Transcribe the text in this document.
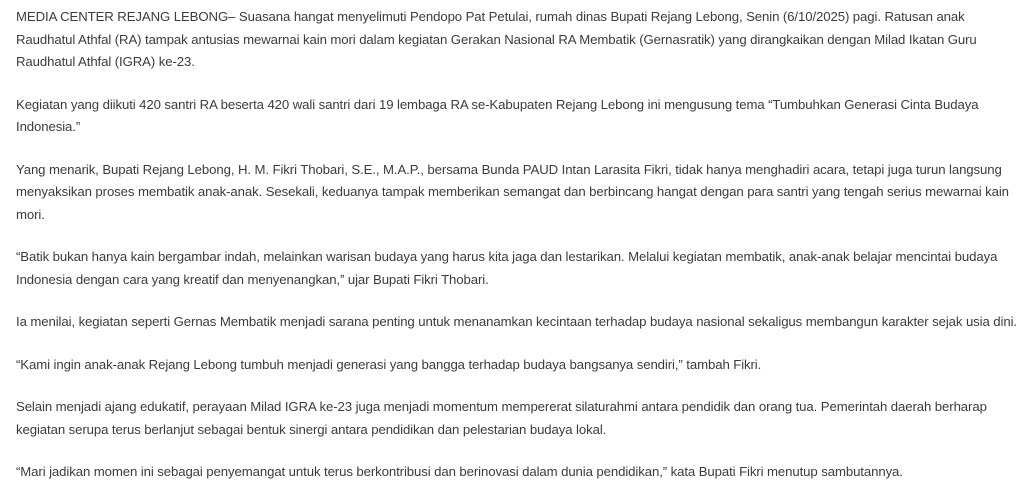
MEDIA CENTER REJANG LEBONG– Suasana hangat menyelimuti Pendopo Pat Petulai, rumah dinas Bupati Rejang Lebong, Senin (6/10/2025) pagi. Ratusan anak Raudhatul Athfal (RA) tampak antusias mewarnai kain mori dalam kegiatan Gerakan Nasional RA Membatik (Gernasratik) yang dirangkaikan dengan Milad Ikatan Guru Raudhatul Athfal (IGRA) ke-23.

Kegiatan yang diikuti 420 santri RA beserta 420 wali santri dari 19 lembaga RA se-Kabupaten Rejang Lebong ini mengusung tema “Tumbuhkan Generasi Cinta Budaya Indonesia.”

Yang menarik, Bupati Rejang Lebong, H. M. Fikri Thobari, S.E., M.A.P., bersama Bunda PAUD Intan Larasita Fikri, tidak hanya menghadiri acara, tetapi juga turun langsung menyaksikan proses membatik anak-anak. Sesekali, keduanya tampak memberikan semangat dan berbincang hangat dengan para santri yang tengah serius mewarnai kain mori.

“Batik bukan hanya kain bergambar indah, melainkan warisan budaya yang harus kita jaga dan lestarikan. Melalui kegiatan membatik, anak-anak belajar mencintai budaya Indonesia dengan cara yang kreatif dan menyenangkan,” ujar Bupati Fikri Thobari.

Ia menilai, kegiatan seperti Gernas Membatik menjadi sarana penting untuk menanamkan kecintaan terhadap budaya nasional sekaligus membangun karakter sejak usia dini.

“Kami ingin anak-anak Rejang Lebong tumbuh menjadi generasi yang bangga terhadap budaya bangsanya sendiri,” tambah Fikri.

Selain menjadi ajang edukatif, perayaan Milad IGRA ke-23 juga menjadi momentum mempererat silaturahmi antara pendidik dan orang tua. Pemerintah daerah berharap kegiatan serupa terus berlanjut sebagai bentuk sinergi antara pendidikan dan pelestarian budaya lokal.

“Mari jadikan momen ini sebagai penyemangat untuk terus berkontribusi dan berinovasi dalam dunia pendidikan,” kata Bupati Fikri menutup sambutannya.
